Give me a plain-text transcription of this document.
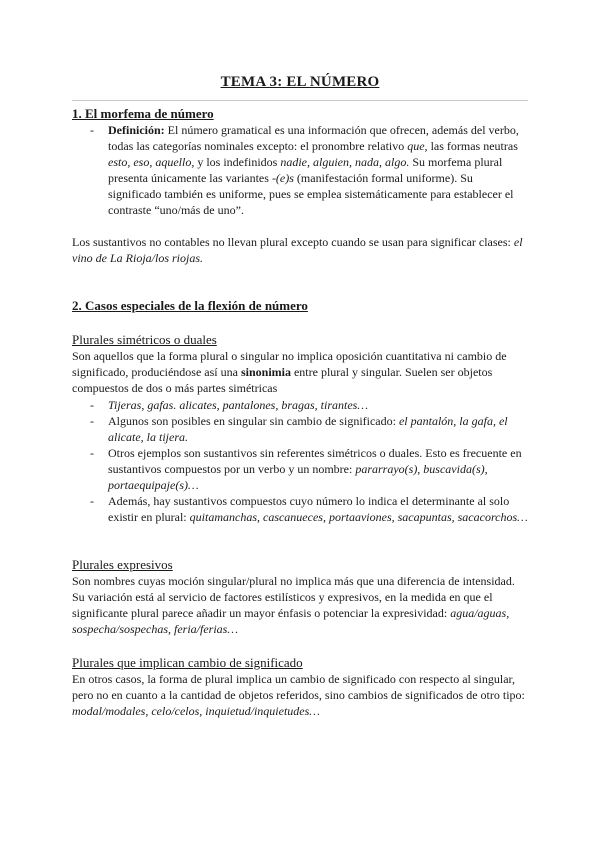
TEMA 3: EL NÚMERO
1. El morfema de número
- Definición: El número gramatical es una información que ofrecen, además del verbo, todas las categorías nominales excepto: el pronombre relativo que, las formas neutras esto, eso, aquello, y los indefinidos nadie, alguien, nada, algo. Su morfema plural presenta únicamente las variantes -(e)s (manifestación formal uniforme). Su significado también es uniforme, pues se emplea sistemáticamente para establecer el contraste “uno/más de uno”.
Los sustantivos no contables no llevan plural excepto cuando se usan para significar clases: el vino de La Rioja/los riojas.
2. Casos especiales de la flexión de número
Plurales simétricos o duales
Son aquellos que la forma plural o singular no implica oposición cuantitativa ni cambio de significado, produciéndose así una sinonimia entre plural y singular. Suelen ser objetos compuestos de dos o más partes simétricas
- Tijeras, gafas. alicates, pantalones, bragas, tirantes…
- Algunos son posibles en singular sin cambio de significado: el pantalón, la gafa, el alicate, la tijera.
- Otros ejemplos son sustantivos sin referentes simétricos o duales. Esto es frecuente en sustantivos compuestos por un verbo y un nombre: pararrayo(s), buscavida(s), portaequipaje(s)…
- Además, hay sustantivos compuestos cuyo número lo indica el determinante al solo existir en plural: quitamanchas, cascanueces, portaaviones, sacapuntas, sacacorchos…
Plurales expresivos
Son nombres cuyas moción singular/plural no implica más que una diferencia de intensidad. Su variación está al servicio de factores estilísticos y expresivos, en la medida en que el significante plural parece añadir un mayor énfasis o potenciar la expresividad: agua/aguas, sospecha/sospechas, feria/ferias…
Plurales que implican cambio de significado
En otros casos, la forma de plural implica un cambio de significado con respecto al singular, pero no en cuanto a la cantidad de objetos referidos, sino cambios de significados de otro tipo: modal/modales, celo/celos, inquietud/inquietudes…
